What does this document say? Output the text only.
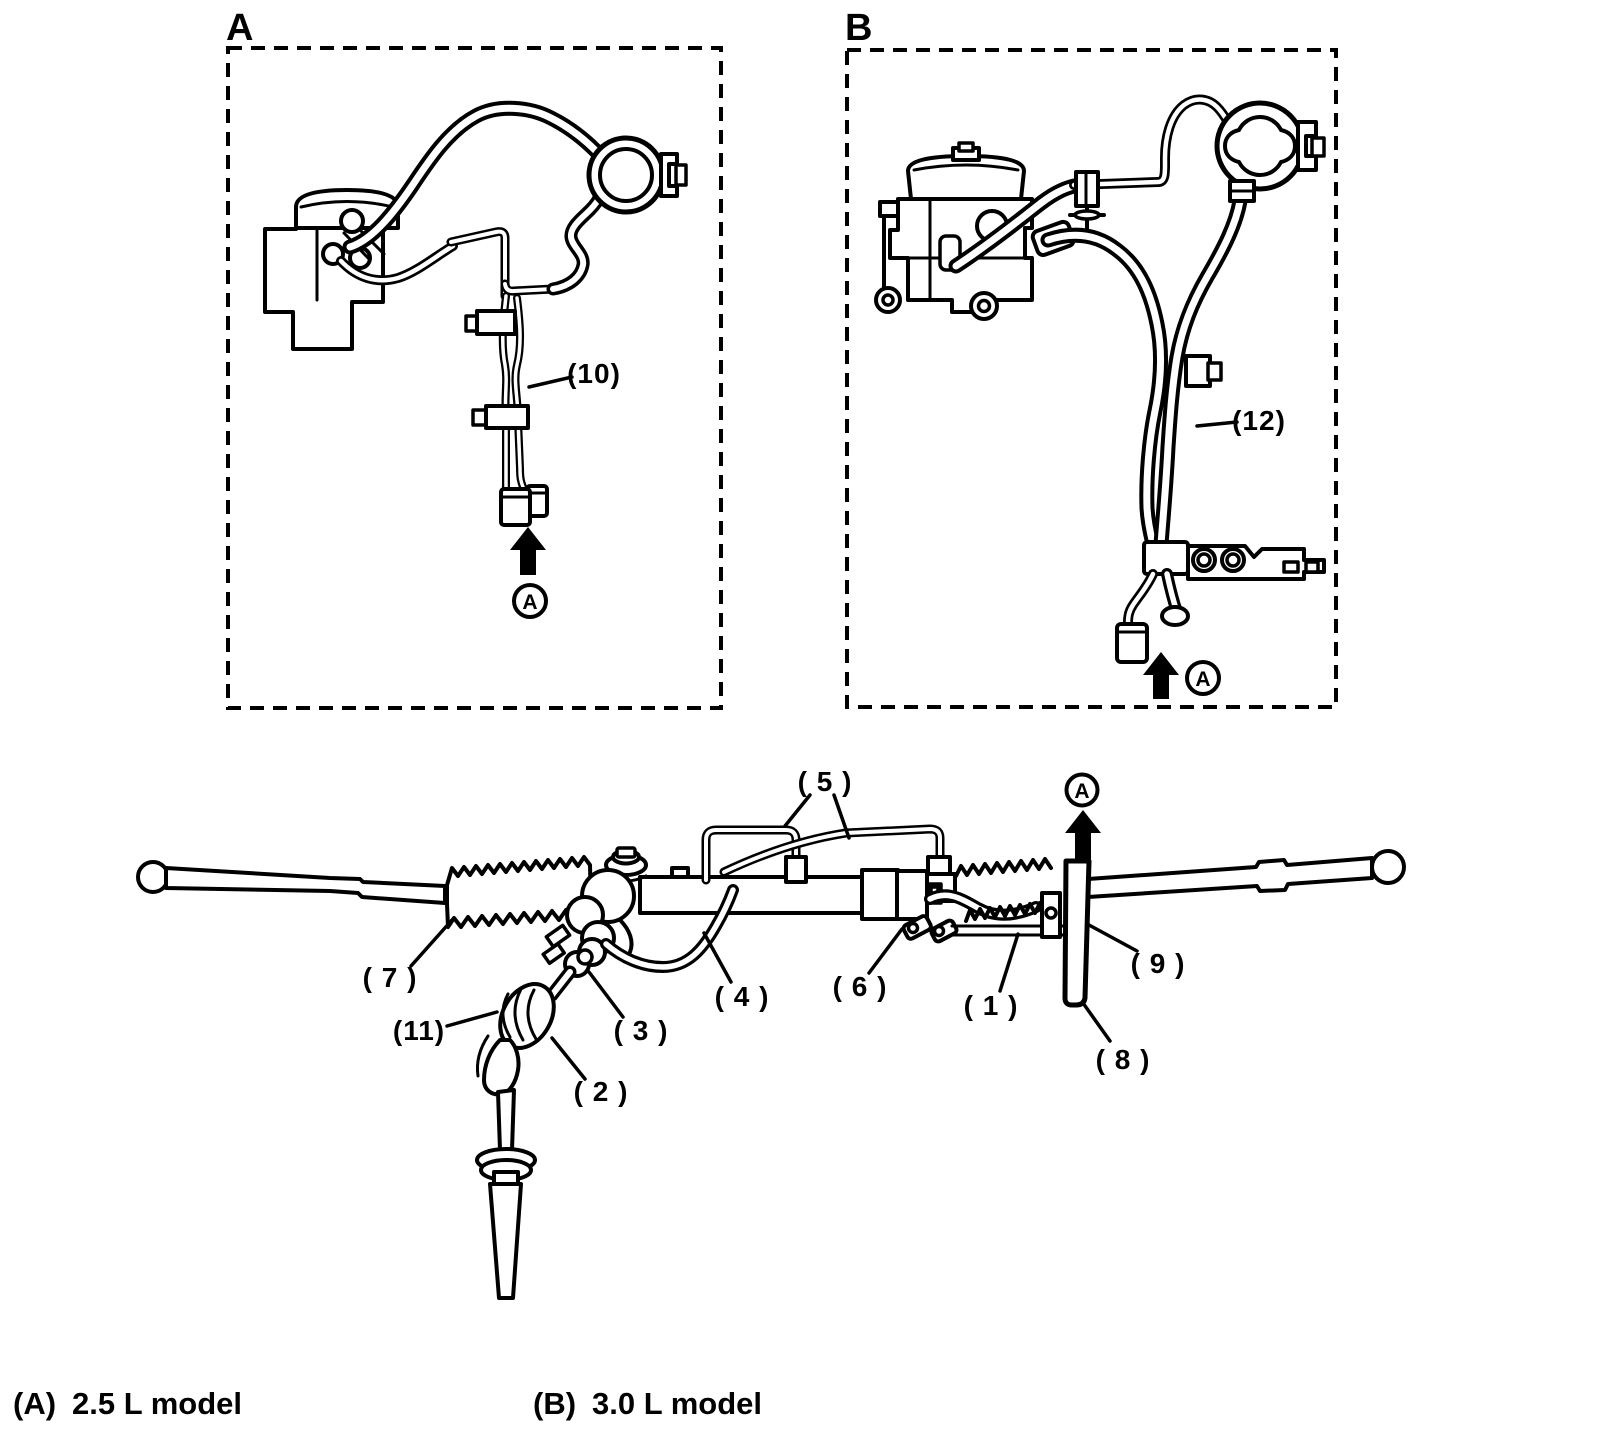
A
A
(10)
B
A
(12)
A
( 7 )
(11)	( 3 )
( 2 )
( 4 )
( 5 )
( 6 )
( 1 )
( 9 )
( 8 )
(A) 2.5 L model	(B) 3.0 L model
